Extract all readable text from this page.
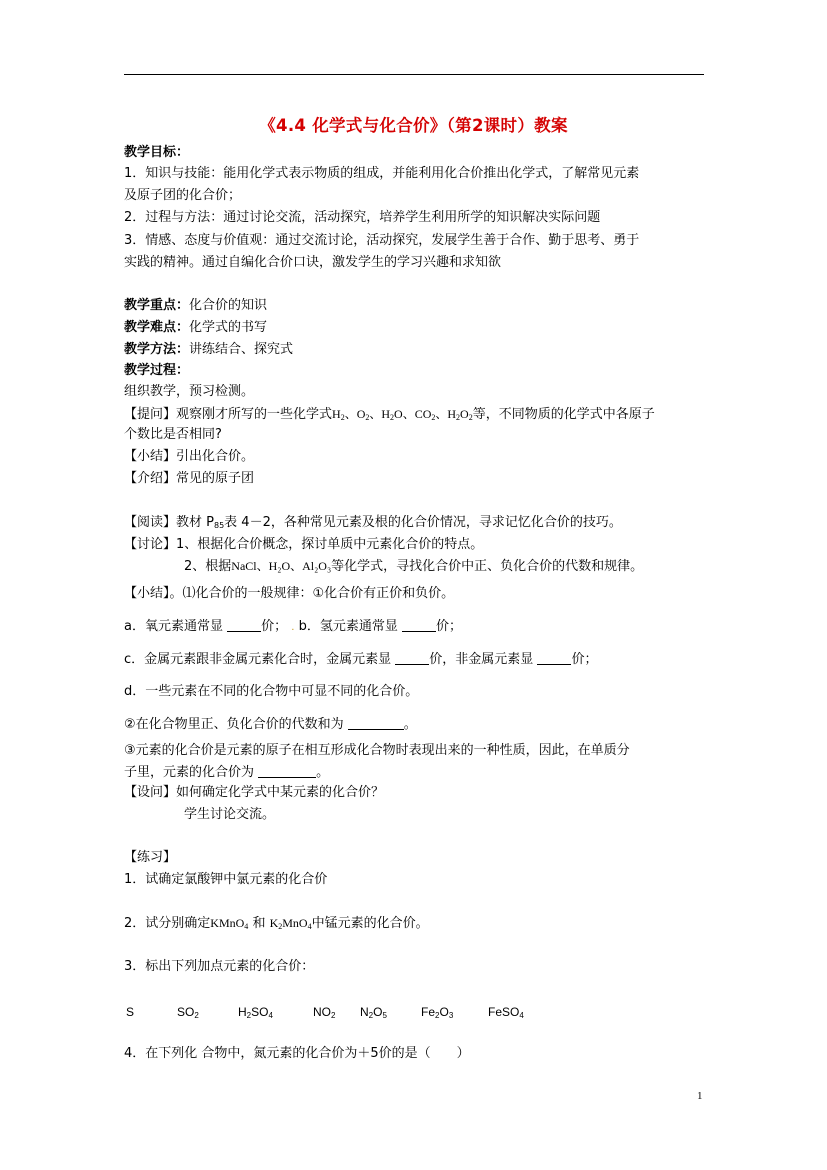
《4.4 化学式与化合价》（第2课时）教案
教学目标：
1．知识与技能：能用化学式表示物质的组成，并能利用化合价推出化学式，了解常见元素
及原子团的化合价；
2．过程与方法：通过讨论交流，活动探究，培养学生利用所学的知识解决实际问题
3．情感、态度与价值观：通过交流讨论，活动探究，发展学生善于合作、勤于思考、勇于
实践的精神。通过自编化合价口诀，激发学生的学习兴趣和求知欲
教学重点：化合价的知识
教学难点：化学式的书写
教学方法：讲练结合、探究式
教学过程：
组织教学，预习检测。
【提问】观察刚才所写的一些化学式$H_2$、$O_2$、$H_2O$、$CO_2$、$H_2O_2$等，不同物质的化学式中各原子
个数比是否相同?
【小结】引出化合价。
【介绍】常见的原子团
【阅读】教材 $P_{85}$表 4－2，各种常见元素及根的化合价情况，寻求记忆化合价的技巧。
【讨论】1、根据化合价概念，探讨单质中元素化合价的特点。
2、根据NaCl、H₂O、Al₂O₃等化学式，寻找化合价中正、负化合价的代数和规律。
【小结】。⑴化合价的一般规律：①化合价有正价和负价。
a．氧元素通常显	价； . b．氢元素通常显	价；
c．金属元素跟非金属元素化合时，金属元素显	价，非金属元素显	价；
d．一些元素在不同的化合物中可显不同的化合价。
②在化合物里正、负化合价的代数和为	。
③元素的化合价是元素的原子在相互形成化合物时表现出来的一种性质，因此，在单质分
子里，元素的化合价为	。
【设问】如何确定化学式中某元素的化合价？
学生讨论交流。
【练习】
1．试确定氯酸钾中氯元素的化合价
2．试分别确定KMnO$_4$ 和 $K_2MnO_4$中锰元素的化合价。
3．标出下列加点元素的化合价：
S	$SO_2$	$H_2SO_4$	$NO_2$ $N_2O_5$	$Fe_2O_3$	FeSO$_4$
4．在下列化 合物中，氮元素的化合价为＋5价的是（　　）
1
